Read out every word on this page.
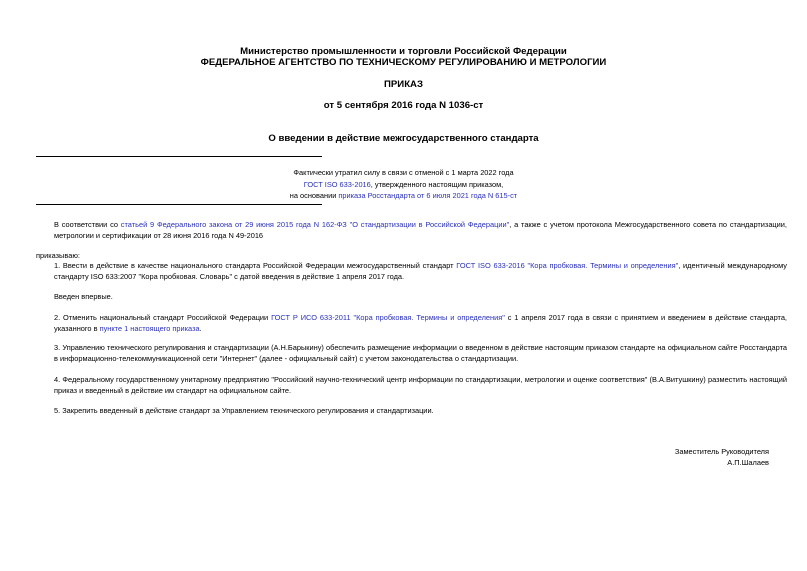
Министерство промышленности и торговли Российской Федерации
ФЕДЕРАЛЬНОЕ АГЕНТСТВО ПО ТЕХНИЧЕСКОМУ РЕГУЛИРОВАНИЮ И МЕТРОЛОГИИ
ПРИКАЗ
от 5 сентября 2016 года N 1036-ст
О введении в действие межгосударственного стандарта
Фактически утратил силу в связи с отменой с 1 марта 2022 года
ГОСТ ISO 633-2016, утвержденного настоящим приказом,
на основании приказа Росстандарта от 6 июля 2021 года N 615-ст
В соответствии со статьей 9 Федерального закона от 29 июня 2015 года N 162-ФЗ "О стандартизации в Российской Федерации", а также с учетом протокола Межгосударственного совета по стандартизации, метрологии и сертификации от 28 июня 2016 года N 49-2016
приказываю:
1. Ввести в действие в качестве национального стандарта Российской Федерации межгосударственный стандарт ГОСТ ISO 633-2016 "Кора пробковая. Термины и определения", идентичный международному стандарту ISO 633:2007 "Кора пробковая. Словарь" с датой введения в действие 1 апреля 2017 года.
Введен впервые.
2. Отменить национальный стандарт Российской Федерации ГОСТ Р ИСО 633-2011 "Кора пробковая. Термины и определения" с 1 апреля 2017 года в связи с принятием и введением в действие стандарта, указанного в пункте 1 настоящего приказа.
3. Управлению технического регулирования и стандартизации (А.Н.Барыкину) обеспечить размещение информации о введенном в действие настоящим приказом стандарте на официальном сайте Росстандарта в информационно-телекоммуникационной сети "Интернет" (далее - официальный сайт) с учетом законодательства о стандартизации.
4. Федеральному государственному унитарному предприятию "Российский научно-технический центр информации по стандартизации, метрологии и оценке соответствия" (В.А.Витушкину) разместить настоящий приказ и введенный в действие им стандарт на официальном сайте.
5. Закрепить введенный в действие стандарт за Управлением технического регулирования и стандартизации.
Заместитель Руководителя
А.П.Шалаев
